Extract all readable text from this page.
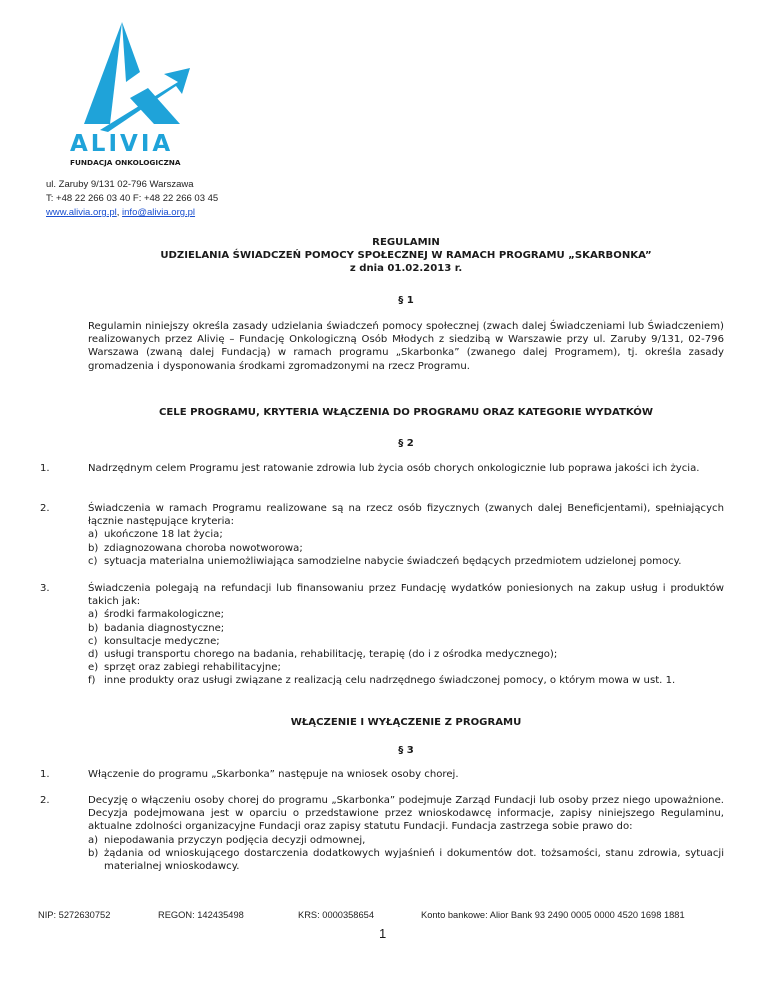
ALIVIA
FUNDACJA ONKOLOGICZNA
ul. Zaruby 9/131 02-796 Warszawa
T: +48 22 266 03 40 F: +48 22 266 03 45
www.alivia.org.pl, info@alivia.org.pl
REGULAMIN
UDZIELANIA ŚWIADCZEŃ POMOCY SPOŁECZNEJ W RAMACH PROGRAMU „SKARBONKA”
z dnia 01.02.2013 r.
§ 1
Regulamin niniejszy określa zasady udzielania świadczeń pomocy społecznej (zwach dalej Świadczeniami lub Świadczeniem) realizowanych przez Alivię – Fundację Onkologiczną Osób Młodych z siedzibą w Warszawie przy ul. Zaruby 9/131, 02-796 Warszawa (zwaną dalej Fundacją) w ramach programu „Skarbonka” (zwanego dalej Programem), tj. określa zasady gromadzenia i dysponowania środkami zgromadzonymi na rzecz Programu.
CELE PROGRAMU, KRYTERIA WŁĄCZENIA DO PROGRAMU ORAZ KATEGORIE WYDATKÓW
§ 2
1.	Nadrzędnym celem Programu jest ratowanie zdrowia lub życia osób chorych onkologicznie lub poprawa jakości ich życia.
2.	Świadczenia w ramach Programu realizowane są na rzecz osób fizycznych (zwanych dalej Beneficjentami), spełniających łącznie następujące kryteria:
a) ukończone 18 lat życia;
b) zdiagnozowana choroba nowotworowa;
c) sytuacja materialna uniemożliwiająca samodzielne nabycie świadczeń będących przedmiotem udzielonej pomocy.
3.	Świadczenia polegają na refundacji lub finansowaniu przez Fundację wydatków poniesionych na zakup usług i produktów takich jak:
a) środki farmakologiczne;
b) badania diagnostyczne;
c) konsultacje medyczne;
d) usługi transportu chorego na badania, rehabilitację, terapię (do i z ośrodka medycznego);
e) sprzęt oraz zabiegi rehabilitacyjne;
f) inne produkty oraz usługi związane z realizacją celu nadrzędnego świadczonej pomocy, o którym mowa w ust. 1.
WŁĄCZENIE I WYŁĄCZENIE Z PROGRAMU
§ 3
1.	Włączenie do programu „Skarbonka” następuje na wniosek osoby chorej.
2.	Decyzję o włączeniu osoby chorej do programu „Skarbonka” podejmuje Zarząd Fundacji lub osoby przez niego upoważnione. Decyzja podejmowana jest w oparciu o przedstawione przez wnioskodawcę informacje, zapisy niniejszego Regulaminu, aktualne zdolności organizacyjne Fundacji oraz zapisy statutu Fundacji. Fundacja zastrzega sobie prawo do:
a) niepodawania przyczyn podjęcia decyzji odmownej,
b) żądania od wnioskującego dostarczenia dodatkowych wyjaśnień i dokumentów dot. tożsamości, stanu zdrowia, sytuacji materialnej wnioskodawcy.
NIP: 5272630752	REGON: 142435498	KRS: 0000358654	Konto bankowe: Alior Bank 93 2490 0005 0000 4520 1698 1881
1
